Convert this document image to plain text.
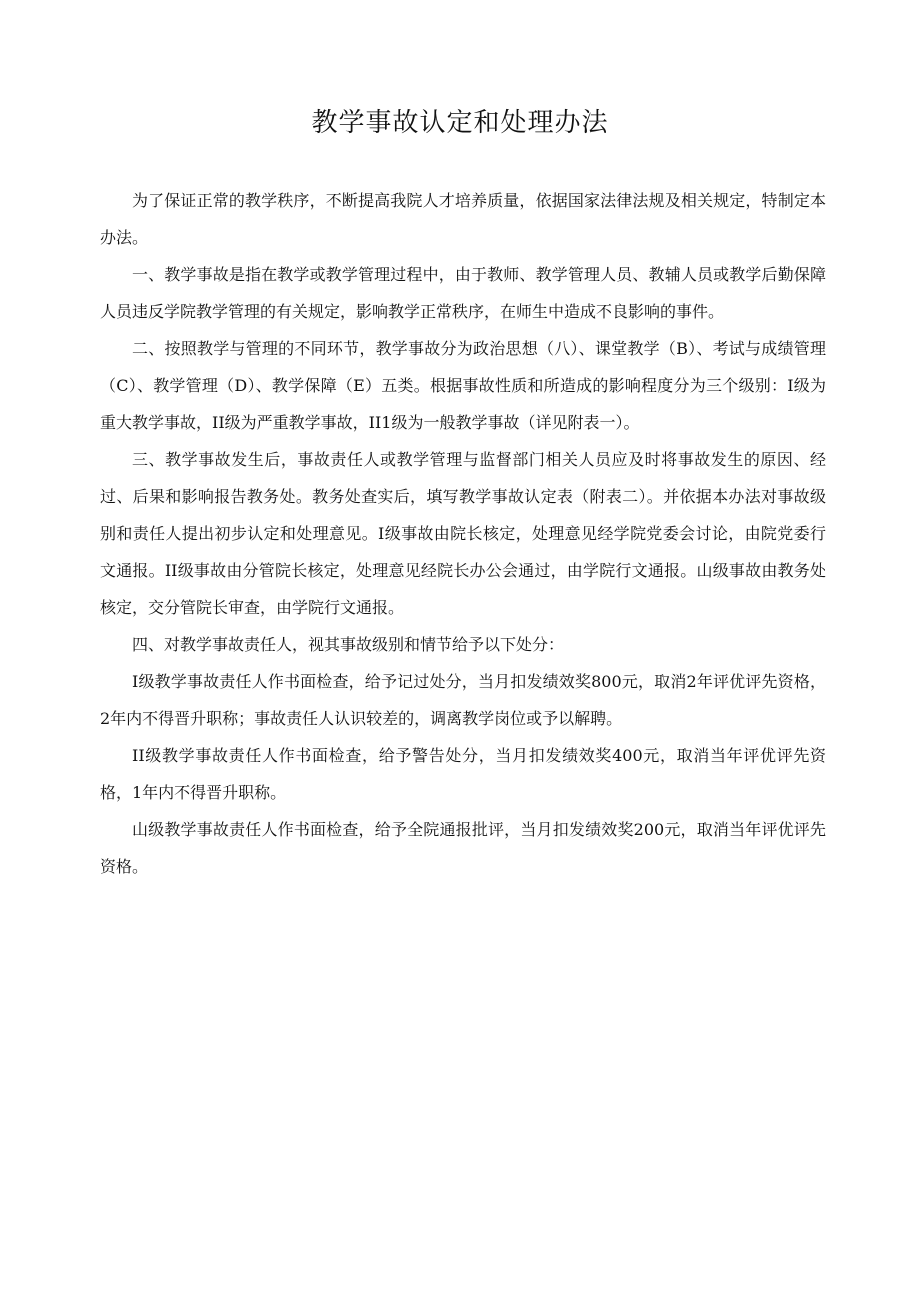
教学事故认定和处理办法

为了保证正常的教学秩序，不断提高我院人才培养质量，依据国家法律法规及相关规定，特制定本办法。

一、教学事故是指在教学或教学管理过程中，由于教师、教学管理人员、教辅人员或教学后勤保障人员违反学院教学管理的有关规定，影响教学正常秩序，在师生中造成不良影响的事件。

二、按照教学与管理的不同环节，教学事故分为政治思想（八）、课堂教学（B）、考试与成绩管理（C）、教学管理（D）、教学保障（E）五类。根据事故性质和所造成的影响程度分为三个级别：I级为重大教学事故，II级为严重教学事故，II1级为一般教学事故（详见附表一）。

三、教学事故发生后，事故责任人或教学管理与监督部门相关人员应及时将事故发生的原因、经过、后果和影响报告教务处。教务处查实后，填写教学事故认定表（附表二）。并依据本办法对事故级别和责任人提出初步认定和处理意见。I级事故由院长核定，处理意见经学院党委会讨论，由院党委行文通报。II级事故由分管院长核定，处理意见经院长办公会通过，由学院行文通报。山级事故由教务处核定，交分管院长审查，由学院行文通报。

四、对教学事故责任人，视其事故级别和情节给予以下处分：

I级教学事故责任人作书面检查，给予记过处分，当月扣发绩效奖800元，取消2年评优评先资格，2年内不得晋升职称；事故责任人认识较差的，调离教学岗位或予以解聘。

II级教学事故责任人作书面检查，给予警告处分，当月扣发绩效奖400元，取消当年评优评先资格，1年内不得晋升职称。

山级教学事故责任人作书面检查，给予全院通报批评，当月扣发绩效奖200元，取消当年评优评先资格。
